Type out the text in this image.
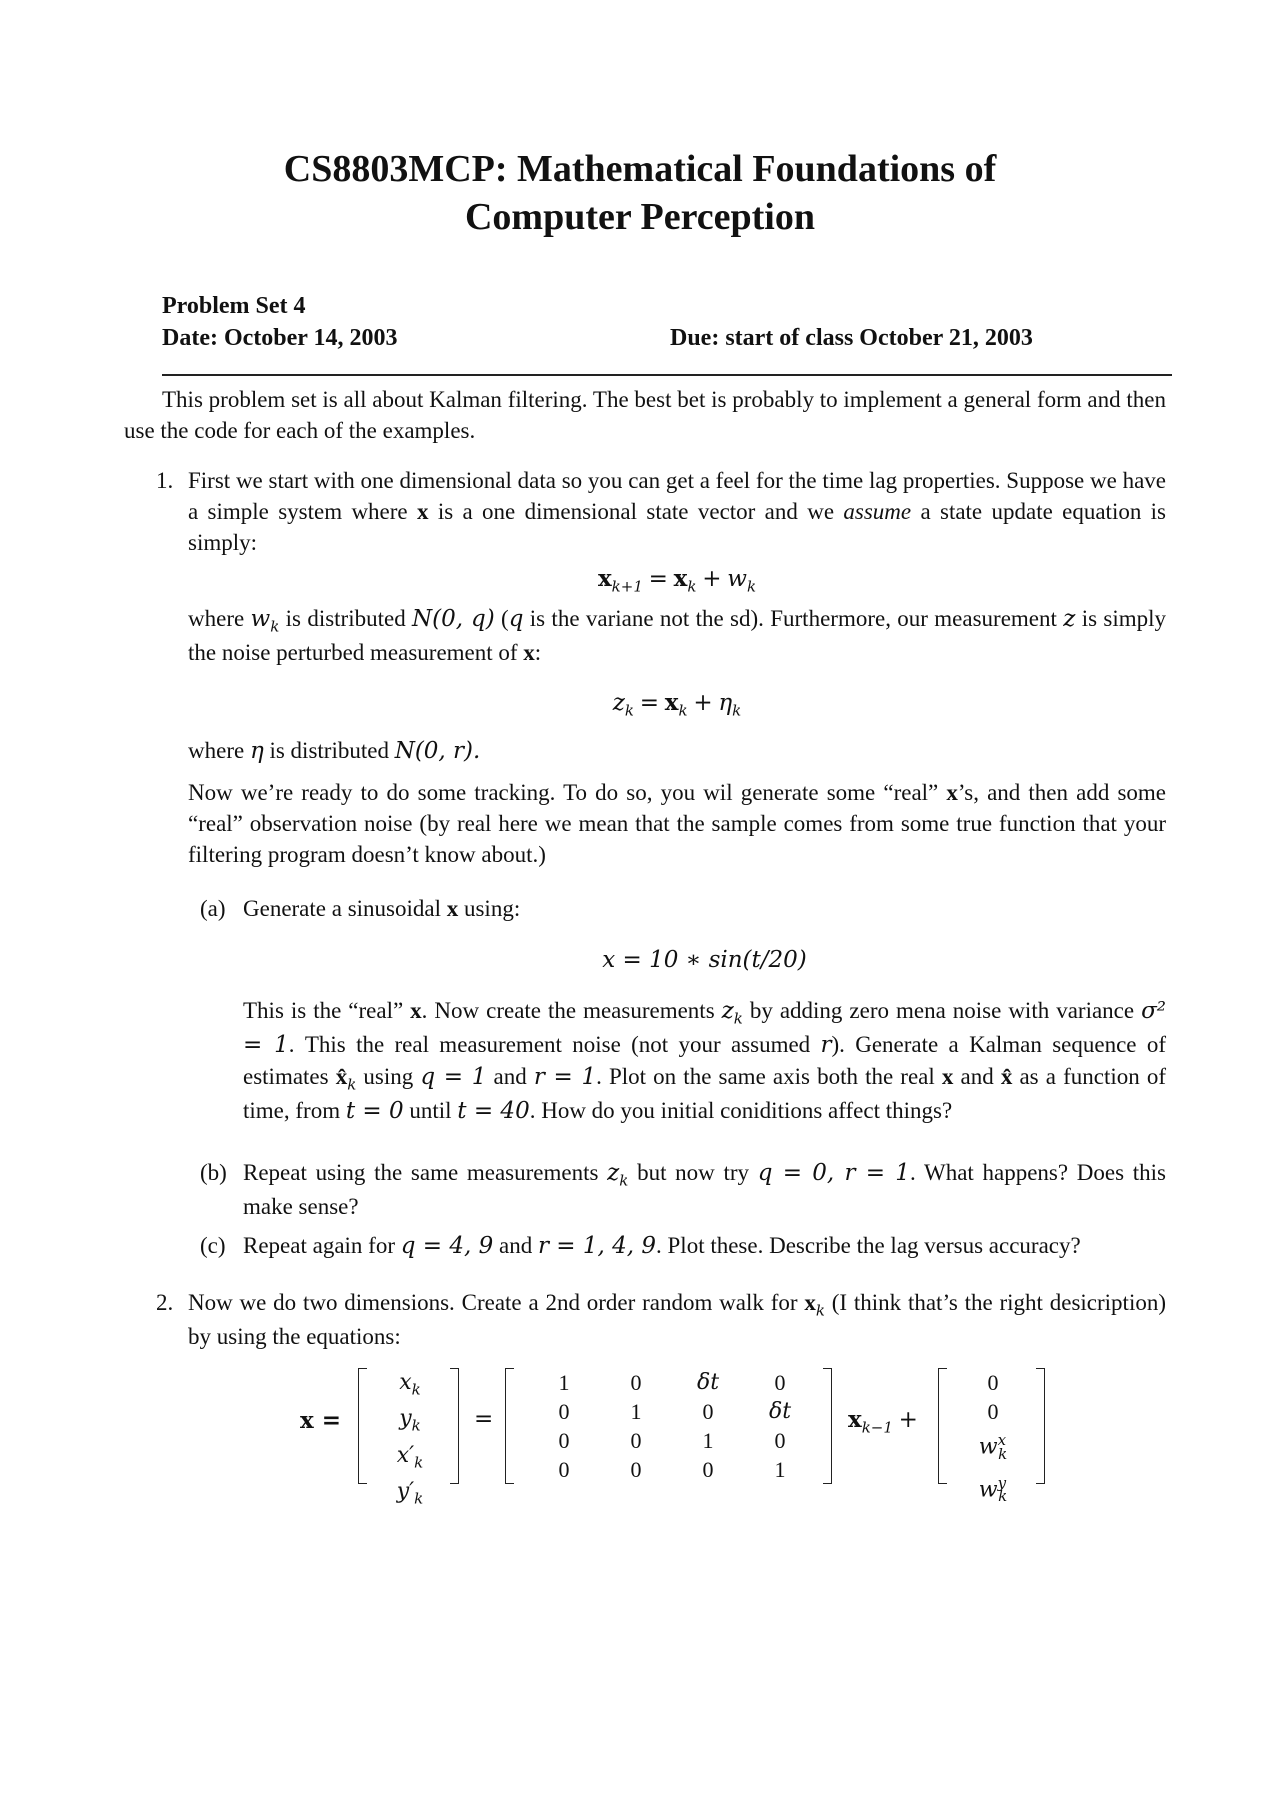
CS8803MCP: Mathematical Foundations of
Computer Perception
Problem Set 4
Date: October 14, 2003	Due: start of class October 21, 2003
This problem set is all about Kalman filtering. The best bet is probably to implement a general form and then use the code for each of the examples.
1. First we start with one dimensional data so you can get a feel for the time lag properties. Suppose we have a simple system where x is a one dimensional state vector and we assume a state update equation is simply:
$x_{k+1} = x_k + w_k$
where $w_k$ is distributed N(0, q) (q is the variane not the sd). Furthermore, our measurement z is simply the noise perturbed measurement of x:
$z_k = x_k + \eta_k$
where η is distributed N(0, r).
Now we’re ready to do some tracking. To do so, you wil generate some “real” x’s, and then add some “real” observation noise (by real here we mean that the sample comes from some true function that your filtering program doesn’t know about.)
(a) Generate a sinusoidal x using:
x = 10 ∗ sin(t/20)
This is the “real” x. Now create the measurements $z_k$ by adding zero mena noise with variance σ² = 1. This the real measurement noise (not your assumed r). Generate a Kalman sequence of estimates $x̂_k$ using q = 1 and r = 1. Plot on the same axis both the real x and x̂ as a function of time, from t = 0 until t = 40. How do you initial coniditions affect things?
(b) Repeat using the same measurements $z_k$ but now try q = 0, r = 1. What happens? Does this make sense?
(c) Repeat again for q = 4, 9 and r = 1, 4, 9. Plot these. Describe the lag versus accuracy?
2. Now we do two dimensions. Create a 2nd order random walk for $x_k$ (I think that’s the right desicription) by using the equations:
x =
$x_k$
$y_k$
$x'_k$
$y'_k$
=
1	0	δt	0
0	1	0	δt
0	0	1	0
0	0	0	1
$x_{k-1}$ +
0
0
$w^x_k$
$w^y_k$
